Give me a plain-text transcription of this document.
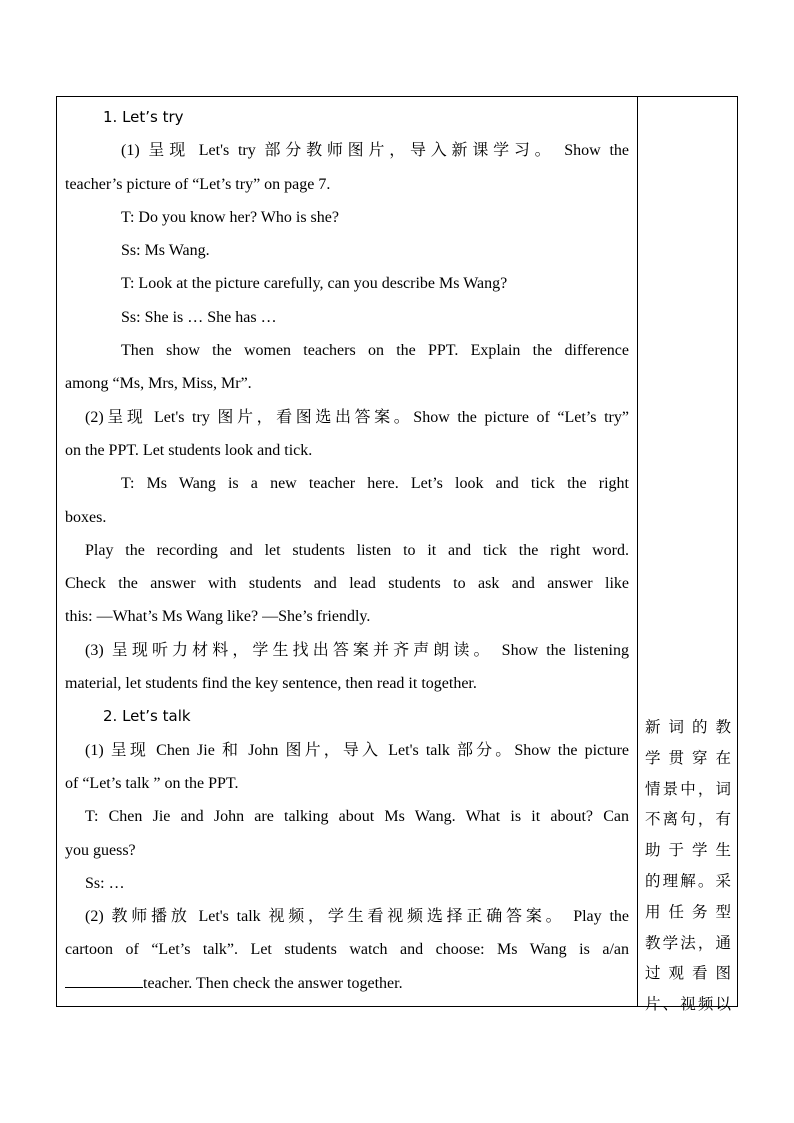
1. Let’s try
(1) 呈现 Let's try 部分教师图片，导入新课学习。 Show the
teacher’s picture of “Let’s try” on page 7.
T: Do you know her? Who is she?
Ss: Ms Wang.
T: Look at the picture carefully, can you describe Ms Wang?
Ss: She is … She has …
Then show the women teachers on the PPT. Explain the difference
among “Ms, Mrs, Miss, Mr”.
(2)呈现 Let's try 图片，看图选出答案。Show the picture of “Let’s try”
on the PPT. Let students look and tick.
T: Ms Wang is a new teacher here. Let’s look and tick the right
boxes.
Play the recording and let students listen to it and tick the right word.
Check the answer with students and lead students to ask and answer like
this: —What’s Ms Wang like? —She’s friendly.
(3) 呈现听力材料，学生找出答案并齐声朗读。 Show the listening
material, let students find the key sentence, then read it together.
2. Let’s talk
(1) 呈现 Chen Jie 和 John 图片，导入 Let's talk 部分。Show the picture
of “Let’s talk ” on the PPT.
T: Chen Jie and John are talking about Ms Wang. What is it about? Can
you guess?
Ss: …
(2) 教师播放 Let's talk 视频，学生看视频选择正确答案。 Play the
cartoon of “Let’s talk”. Let students watch and choose: Ms Wang is a/an
teacher. Then check the answer together.
新词的教
学贯穿在
情景中，词
不离句，有
助于学生
的理解。采
用任务型
教学法，通
过观看图
片、视频以
